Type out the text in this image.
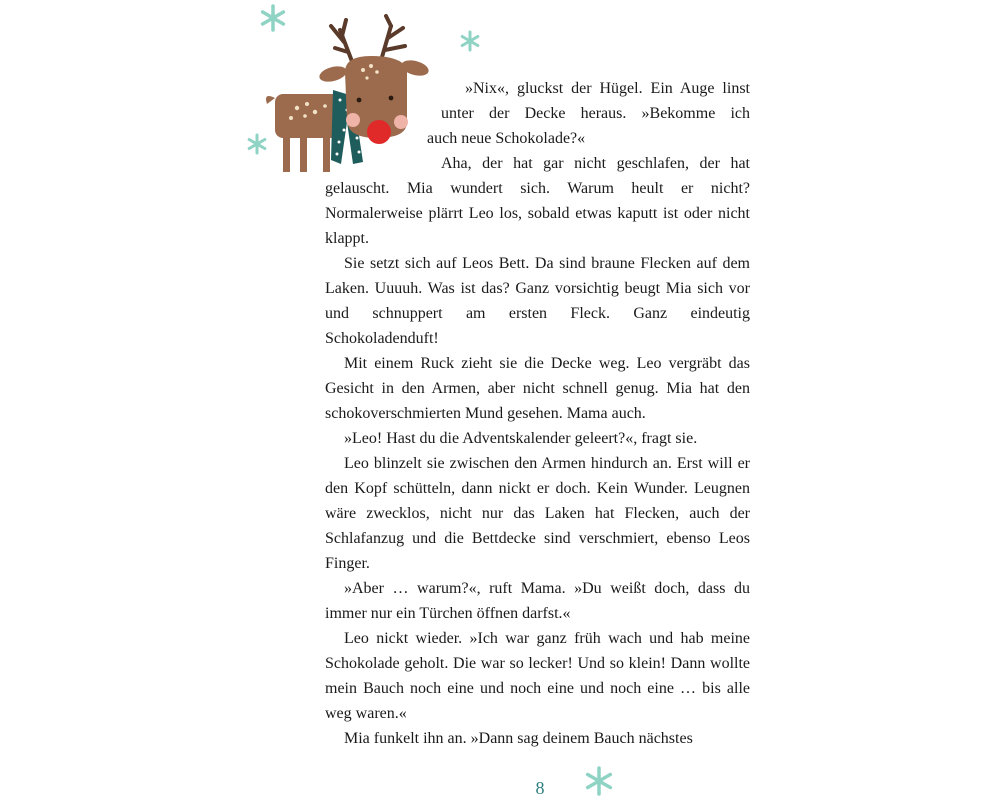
»Nix«, gluckst der Hügel. Ein Auge linst
unter der Decke heraus. »Bekomme ich
auch neue Schokolade?«

Aha, der hat gar nicht geschlafen, der hat
gelauscht. Mia wundert sich. Warum heult er nicht? Normalerweise plärrt Leo los, sobald etwas kaputt ist oder nicht klappt.

Sie setzt sich auf Leos Bett. Da sind braune Flecken auf dem Laken. Uuuuh. Was ist das? Ganz vorsichtig beugt Mia sich vor und schnuppert am ersten Fleck. Ganz eindeutig Schokoladenduft!

Mit einem Ruck zieht sie die Decke weg. Leo vergräbt das Gesicht in den Armen, aber nicht schnell genug. Mia hat den schokoverschmierten Mund gesehen. Mama auch.

»Leo! Hast du die Adventskalender geleert?«, fragt sie.

Leo blinzelt sie zwischen den Armen hindurch an. Erst will er den Kopf schütteln, dann nickt er doch. Kein Wunder. Leugnen wäre zwecklos, nicht nur das Laken hat Flecken, auch der Schlafanzug und die Bettdecke sind verschmiert, ebenso Leos Finger.

»Aber … warum?«, ruft Mama. »Du weißt doch, dass du immer nur ein Türchen öffnen darfst.«

Leo nickt wieder. »Ich war ganz früh wach und hab meine Schokolade geholt. Die war so lecker! Und so klein! Dann wollte mein Bauch noch eine und noch eine und noch eine … bis alle weg waren.«

Mia funkelt ihn an. »Dann sag deinem Bauch nächstes

8
